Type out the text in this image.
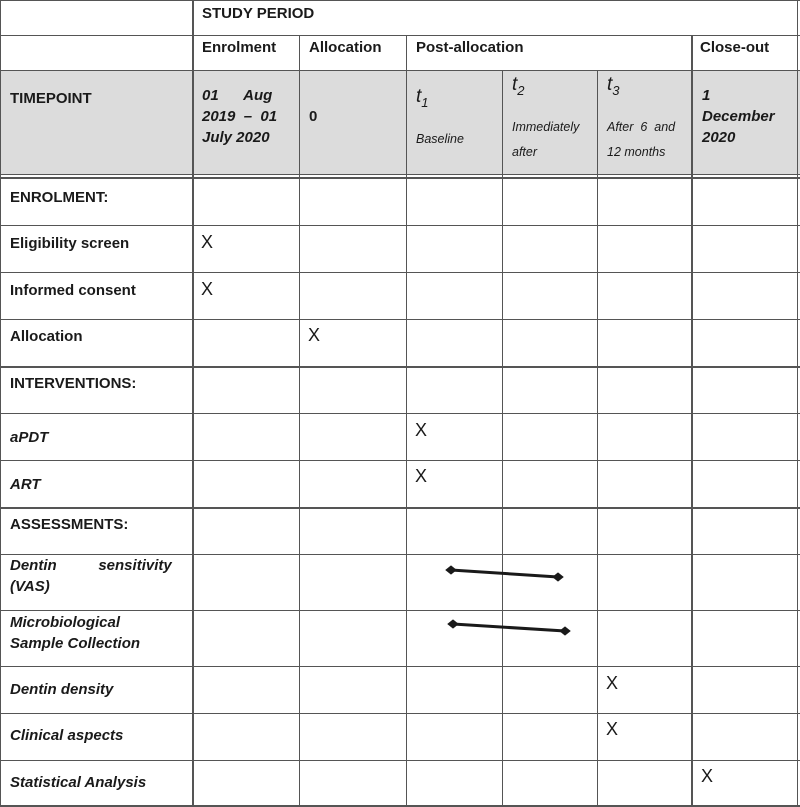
STUDY PERIOD
Enrolment Allocation Post-allocation	Close-out
TIMEPOINT	01      Aug
2019  –  01
July 2020
0
$t_1$
Baseline
$t_2$
Immediately
after
$t_3$
After  6  and
12 months
1
December
2020
ENROLMENT:
Eligibility screen
Informed consent
Allocation
INTERVENTIONS:
aPDT
ART
ASSESSMENTS:
Dentin          sensitivity
(VAS)
Microbiological
Sample Collection
Dentin density
Clinical aspects
Statistical Analysis
X
X
X
X
X
X
X
X
